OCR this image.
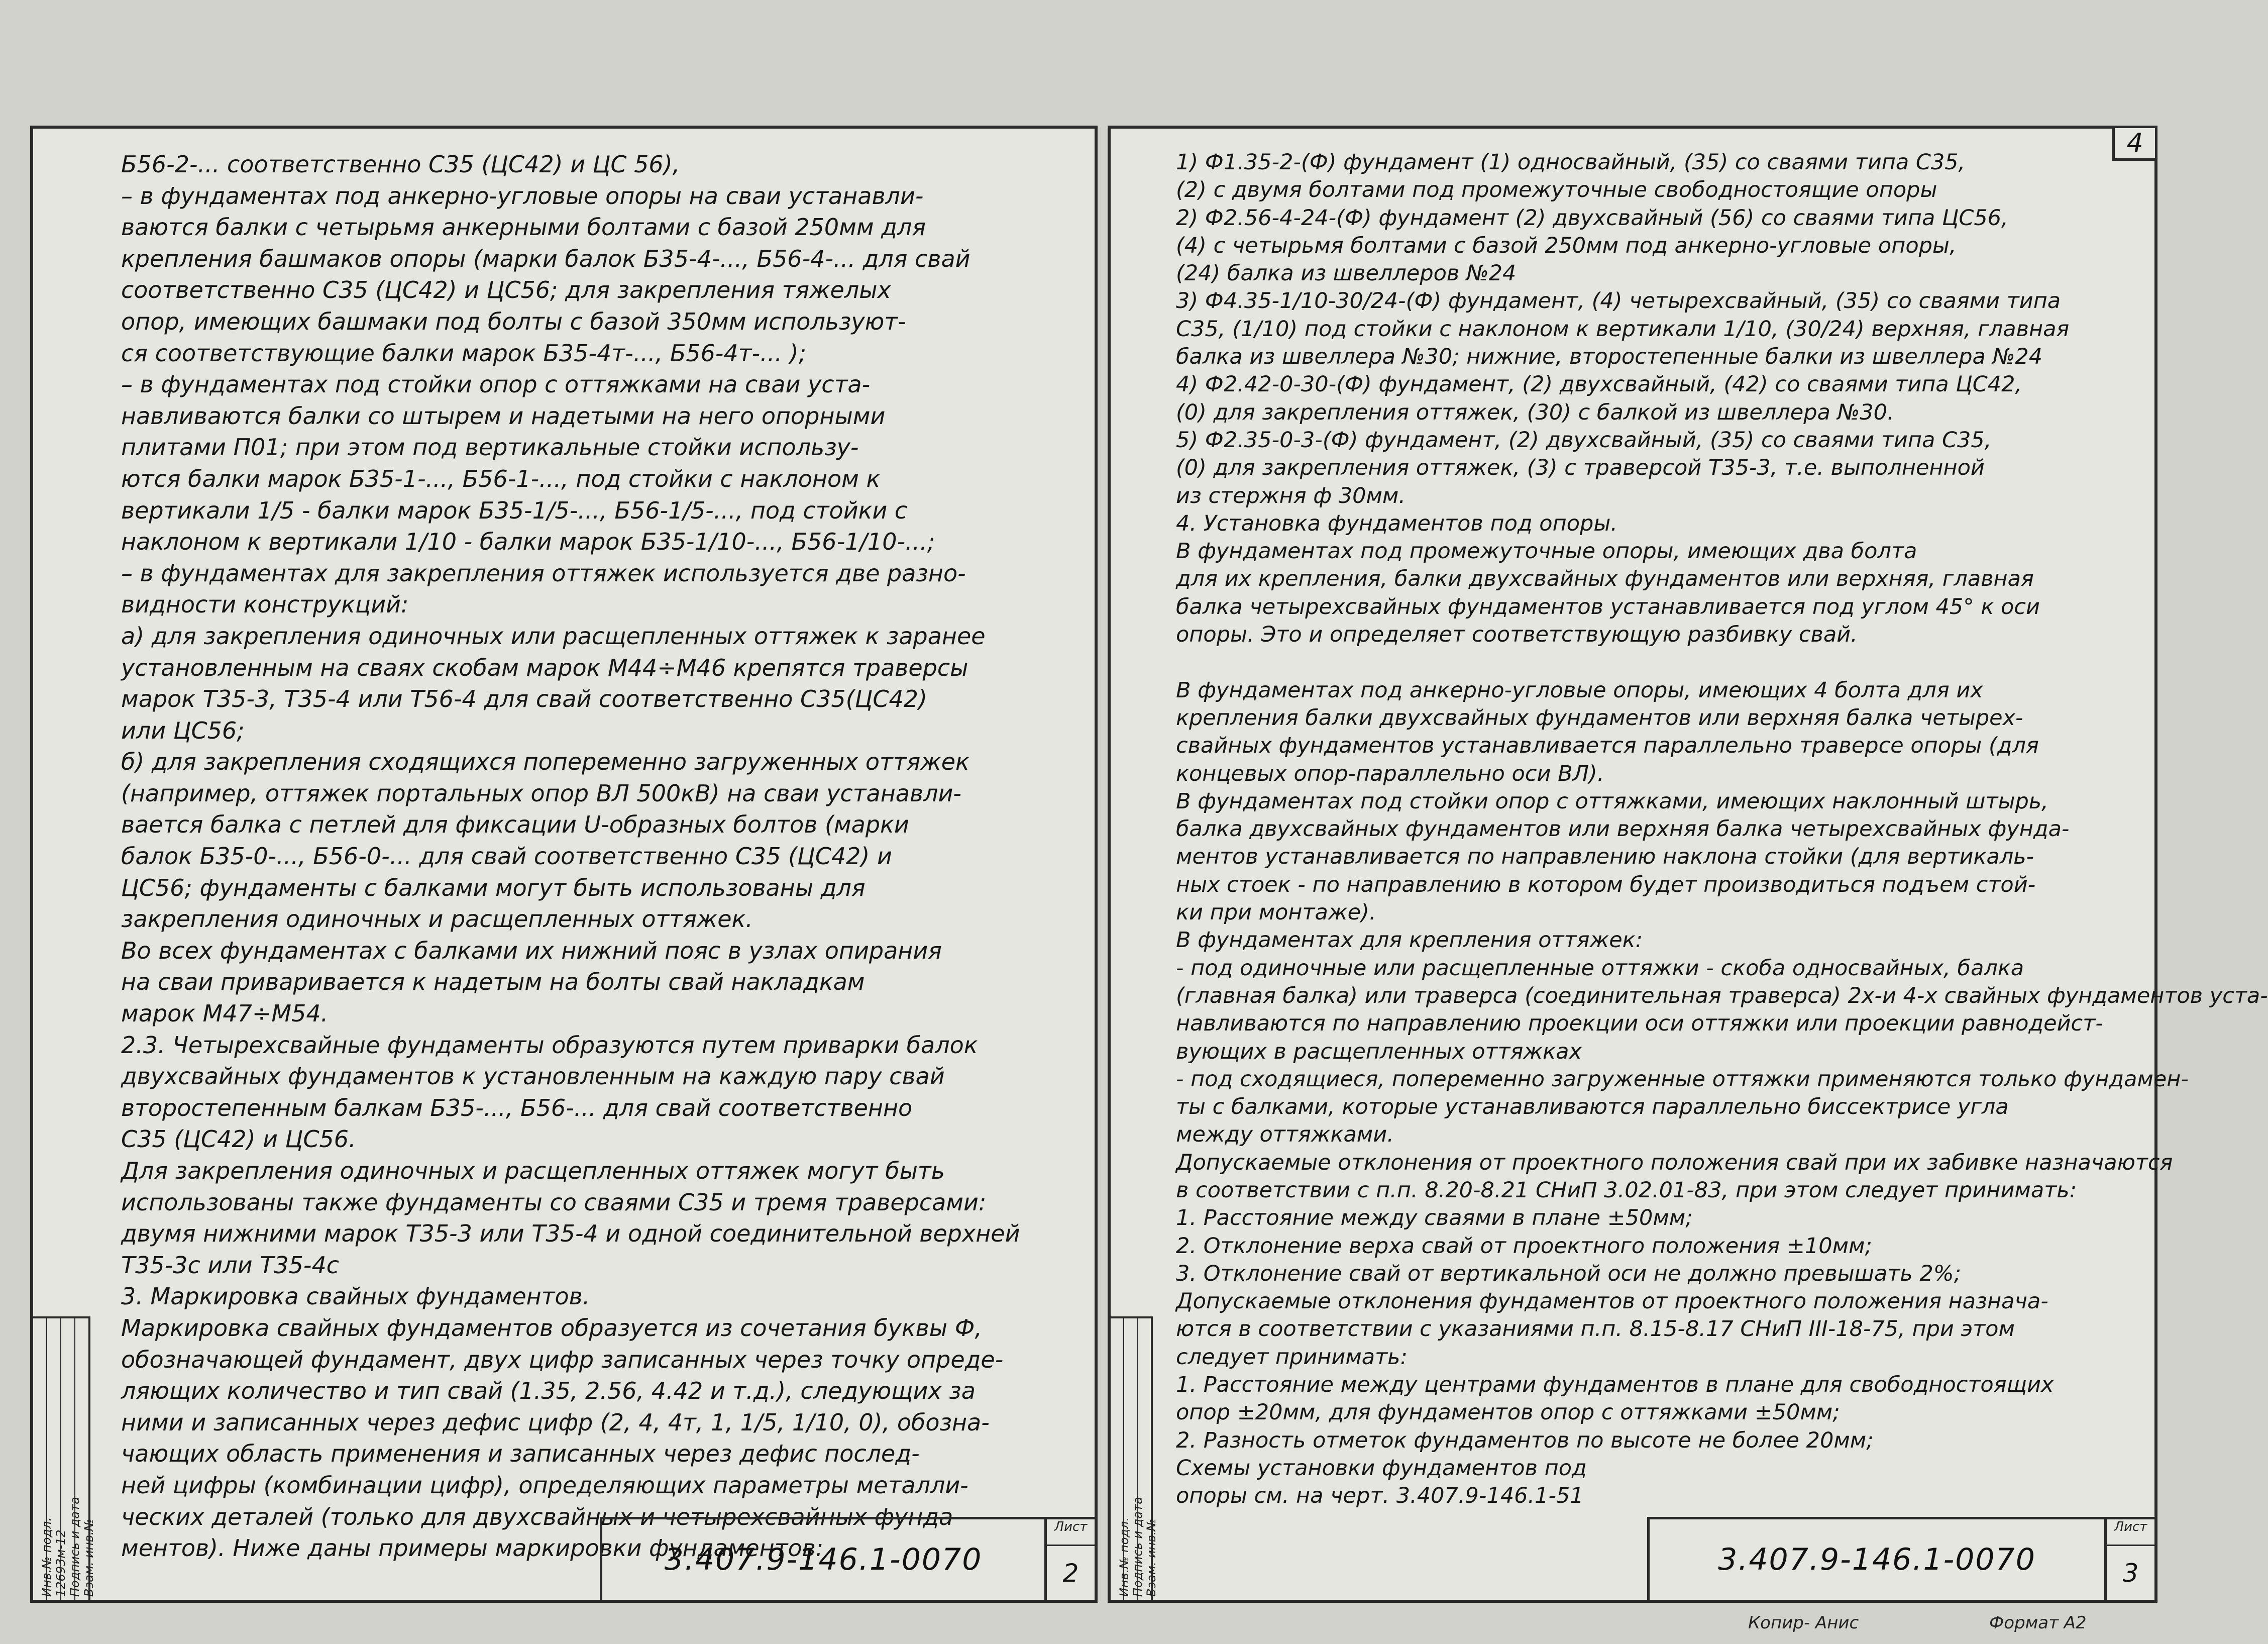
Б56-2-... соответственно С35 (ЦС42) и ЦС 56),
– в фундаментах под анкерно-угловые опоры на сваи устанавли-
ваются балки с четырьмя анкерными болтами с базой 250мм для
крепления башмаков опоры (марки балок Б35-4-..., Б56-4-... для свай
соответственно С35 (ЦС42) и ЦС56; для закрепления тяжелых
опор, имеющих башмаки под болты с базой 350мм используют-
ся соответствующие балки марок Б35-4т-..., Б56-4т-... );
– в фундаментах под стойки опор с оттяжками на сваи уста-
навливаются балки со штырем и надетыми на него опорными
плитами П01; при этом под вертикальные стойки использу-
ются балки марок Б35-1-..., Б56-1-..., под стойки с наклоном к
вертикали 1/5 - балки марок Б35-1/5-..., Б56-1/5-..., под стойки с
наклоном к вертикали 1/10 - балки марок Б35-1/10-..., Б56-1/10-...;
– в фундаментах для закрепления оттяжек используется две разно-
видности конструкций:
а) для закрепления одиночных или расщепленных оттяжек к заранее
установленным на сваях скобам марок М44÷М46 крепятся траверсы
марок Т35-3, Т35-4 или Т56-4 для свай соответственно С35(ЦС42)
или ЦС56;
б) для закрепления сходящихся попеременно загруженных оттяжек
(например, оттяжек портальных опор ВЛ 500кВ) на сваи устанавли-
вается балка с петлей для фиксации U-образных болтов (марки
балок Б35-0-..., Б56-0-... для свай соответственно С35 (ЦС42) и
ЦС56; фундаменты с балками могут быть использованы для
закрепления одиночных и расщепленных оттяжек.
Во всех фундаментах с балками их нижний пояс в узлах опирания
на сваи приваривается к надетым на болты свай накладкам
марок М47÷М54.
2.3. Четырехсвайные фундаменты образуются путем приварки балок
двухсвайных фундаментов к установленным на каждую пару свай
второстепенным балкам Б35-..., Б56-... для свай соответственно
С35 (ЦС42) и ЦС56.
Для закрепления одиночных и расщепленных оттяжек могут быть
использованы также фундаменты со сваями С35 и тремя траверсами:
двумя нижними марок Т35-3 или Т35-4 и одной соединительной верхней
Т35-3с или Т35-4с
3. Маркировка свайных фундаментов.
Маркировка свайных фундаментов образуется из сочетания буквы Ф,
обозначающей фундамент, двух цифр записанных через точку опреде-
ляющих количество и тип свай (1.35, 2.56, 4.42 и т.д.), следующих за
ними и записанных через дефис цифр (2, 4, 4т, 1, 1/5, 1/10, 0), обозна-
чающих область применения и записанных через дефис послед-
ней цифры (комбинации цифр), определяющих параметры металли-
ческих деталей (только для двухсвайных и четырехсвайных фунда-
ментов). Ниже даны примеры маркировки фундаментов:
Инв.№ подл. 12693м-12 Подпись и дата Взам. инв.№	3.407.9-146.1-0070
Лист
2
4
1) Ф1.35-2-(Ф) фундамент (1) односвайный, (35) со сваями типа С35,
(2) с двумя болтами под промежуточные свободностоящие опоры
2) Ф2.56-4-24-(Ф) фундамент (2) двухсвайный (56) со сваями типа ЦС56,
(4) с четырьмя болтами с базой 250мм под анкерно-угловые опоры,
(24) балка из швеллеров №24
3) Ф4.35-1/10-30/24-(Ф) фундамент, (4) четырехсвайный, (35) со сваями типа
С35, (1/10) под стойки с наклоном к вертикали 1/10, (30/24) верхняя, главная
балка из швеллера №30; нижние, второстепенные балки из швеллера №24
4) Ф2.42-0-30-(Ф) фундамент, (2) двухсвайный, (42) со сваями типа ЦС42,
(0) для закрепления оттяжек, (30) с балкой из швеллера №30.
5) Ф2.35-0-3-(Ф) фундамент, (2) двухсвайный, (35) со сваями типа С35,
(0) для закрепления оттяжек, (3) с траверсой Т35-3, т.е. выполненной
из стержня ф 30мм.
4. Установка фундаментов под опоры.
В фундаментах под промежуточные опоры, имеющих два болта
для их крепления, балки двухсвайных фундаментов или верхняя, главная
балка четырехсвайных фундаментов устанавливается под углом 45° к оси
опоры. Это и определяет соответствующую разбивку свай.

В фундаментах под анкерно-угловые опоры, имеющих 4 болта для их
крепления балки двухсвайных фундаментов или верхняя балка четырех-
свайных фундаментов устанавливается параллельно траверсе опоры (для
концевых опор-параллельно оси ВЛ).
В фундаментах под стойки опор с оттяжками, имеющих наклонный штырь,
балка двухсвайных фундаментов или верхняя балка четырехсвайных фунда-
ментов устанавливается по направлению наклона стойки (для вертикаль-
ных стоек - по направлению в котором будет производиться подъем стой-
ки при монтаже).
В фундаментах для крепления оттяжек:
- под одиночные или расщепленные оттяжки - скоба односвайных, балка
(главная балка) или траверса (соединительная траверса) 2х-и 4-х свайных фундаментов уста-
навливаются по направлению проекции оси оттяжки или проекции равнодейст-
вующих в расщепленных оттяжках
- под сходящиеся, попеременно загруженные оттяжки применяются только фундамен-
ты с балками, которые устанавливаются параллельно биссектрисе угла
между оттяжками.
Допускаемые отклонения от проектного положения свай при их забивке назначаются
в соответствии с п.п. 8.20-8.21 СНиП 3.02.01-83, при этом следует принимать:
1. Расстояние между сваями в плане ±50мм;
2. Отклонение верха свай от проектного положения ±10мм;
3. Отклонение свай от вертикальной оси не должно превышать 2%;
Допускаемые отклонения фундаментов от проектного положения назнача-
ются в соответствии с указаниями п.п. 8.15-8.17 СНиП III-18-75, при этом
следует принимать:
1. Расстояние между центрами фундаментов в плане для свободностоящих
опор ±20мм, для фундаментов опор с оттяжками ±50мм;
2. Разность отметок фундаментов по высоте не более 20мм;
Схемы установки фундаментов под
опоры см. на черт. 3.407.9-146.1-51
Инв.№ подл. Подпись и дата Взам. инв.№	3.407.9-146.1-0070
Лист
3
Копир- Анис	Формат А2
